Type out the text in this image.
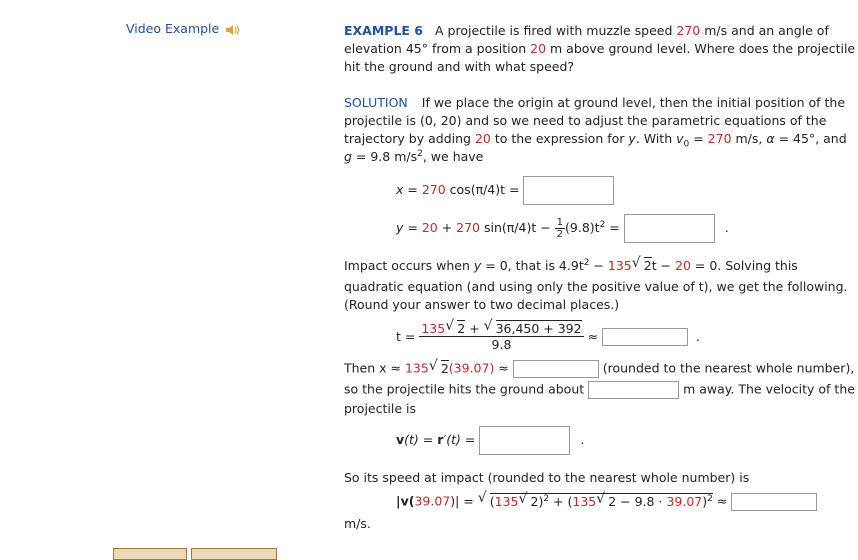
Video Example	EXAMPLE 6 A projectile is fired with muzzle speed 270 m/s and an angle of
elevation 45° from a position 20 m above ground level. Where does the projectile
hit the ground and with what speed?
SOLUTION If we place the origin at ground level, then the initial position of the
projectile is (0, 20) and so we need to adjust the parametric equations of the
trajectory by adding 20 to the expression for y. With $v_0 = 270$ m/s, α = 45°, and
g = 9.8 $m/s^2$, we have
x = 270 cos(π/4)t =
y = 20 + 270 $\sin(\pi/4)t - \frac{1}{2} (9.8)t^2$ =	.
Impact occurs when y = 0, that is $4.9t^2 - 135$ √ 2t − 20 = 0. Solving this
quadratic equation (and using only the positive value of t), we get the following.
(Round your answer to two decimal places.)
$t = \frac{135 √ 2 + √ 36,450 + 392}{9.8}$ ≈	.
Then x ≈ 135 √ 2(39.07) ≈	(rounded to the nearest whole number),
so the projectile hits the ground about	m away. The velocity of the
projectile is
v(t) = r′(t) =	.
So its speed at impact (rounded to the nearest whole number) is
|v(39.07)| = √ (135 √ 2)$^2$ + (135 √ 2 − 9.8 · 39.07)$^2$ ≈
m/s.
